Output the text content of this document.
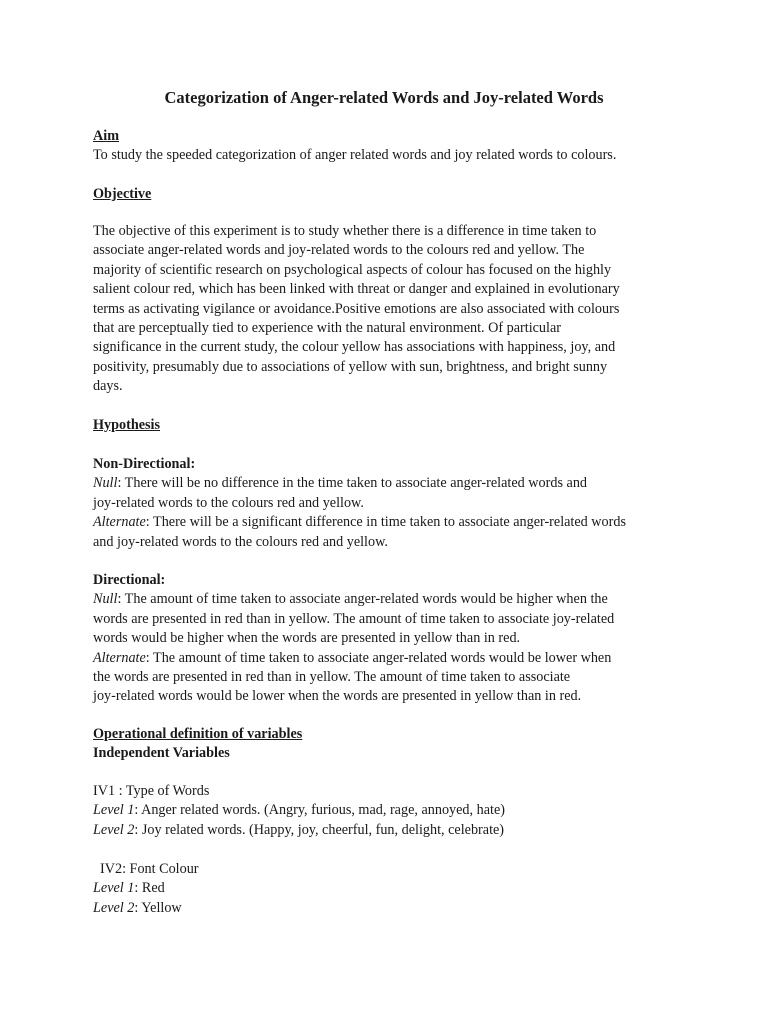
Categorization of Anger-related Words and Joy-related Words
Aim
To study the speeded categorization of anger related words and joy related words to colours.
Objective
The objective of this experiment is to study whether there is a difference in time taken to
associate anger-related words and joy-related words to the colours red and yellow. The
majority of scientific research on psychological aspects of colour has focused on the highly
salient colour red, which has been linked with threat or danger and explained in evolutionary
terms as activating vigilance or avoidance.Positive emotions are also associated with colours
that are perceptually tied to experience with the natural environment. Of particular
significance in the current study, the colour yellow has associations with happiness, joy, and
positivity, presumably due to associations of yellow with sun, brightness, and bright sunny
days.
Hypothesis
Non-Directional:
Null: There will be no difference in the time taken to associate anger-related words and
joy-related words to the colours red and yellow.
Alternate: There will be a significant difference in time taken to associate anger-related words
and joy-related words to the colours red and yellow.
Directional:
Null: The amount of time taken to associate anger-related words would be higher when the
words are presented in red than in yellow. The amount of time taken to associate joy-related
words would be higher when the words are presented in yellow than in red.
Alternate: The amount of time taken to associate anger-related words would be lower when
the words are presented in red than in yellow. The amount of time taken to associate
joy-related words would be lower when the words are presented in yellow than in red.
Operational definition of variables
Independent Variables
IV1 : Type of Words
Level 1: Anger related words. (Angry, furious, mad, rage, annoyed, hate)
Level 2: Joy related words. (Happy, joy, cheerful, fun, delight, celebrate)
IV2: Font Colour
Level 1: Red
Level 2: Yellow
